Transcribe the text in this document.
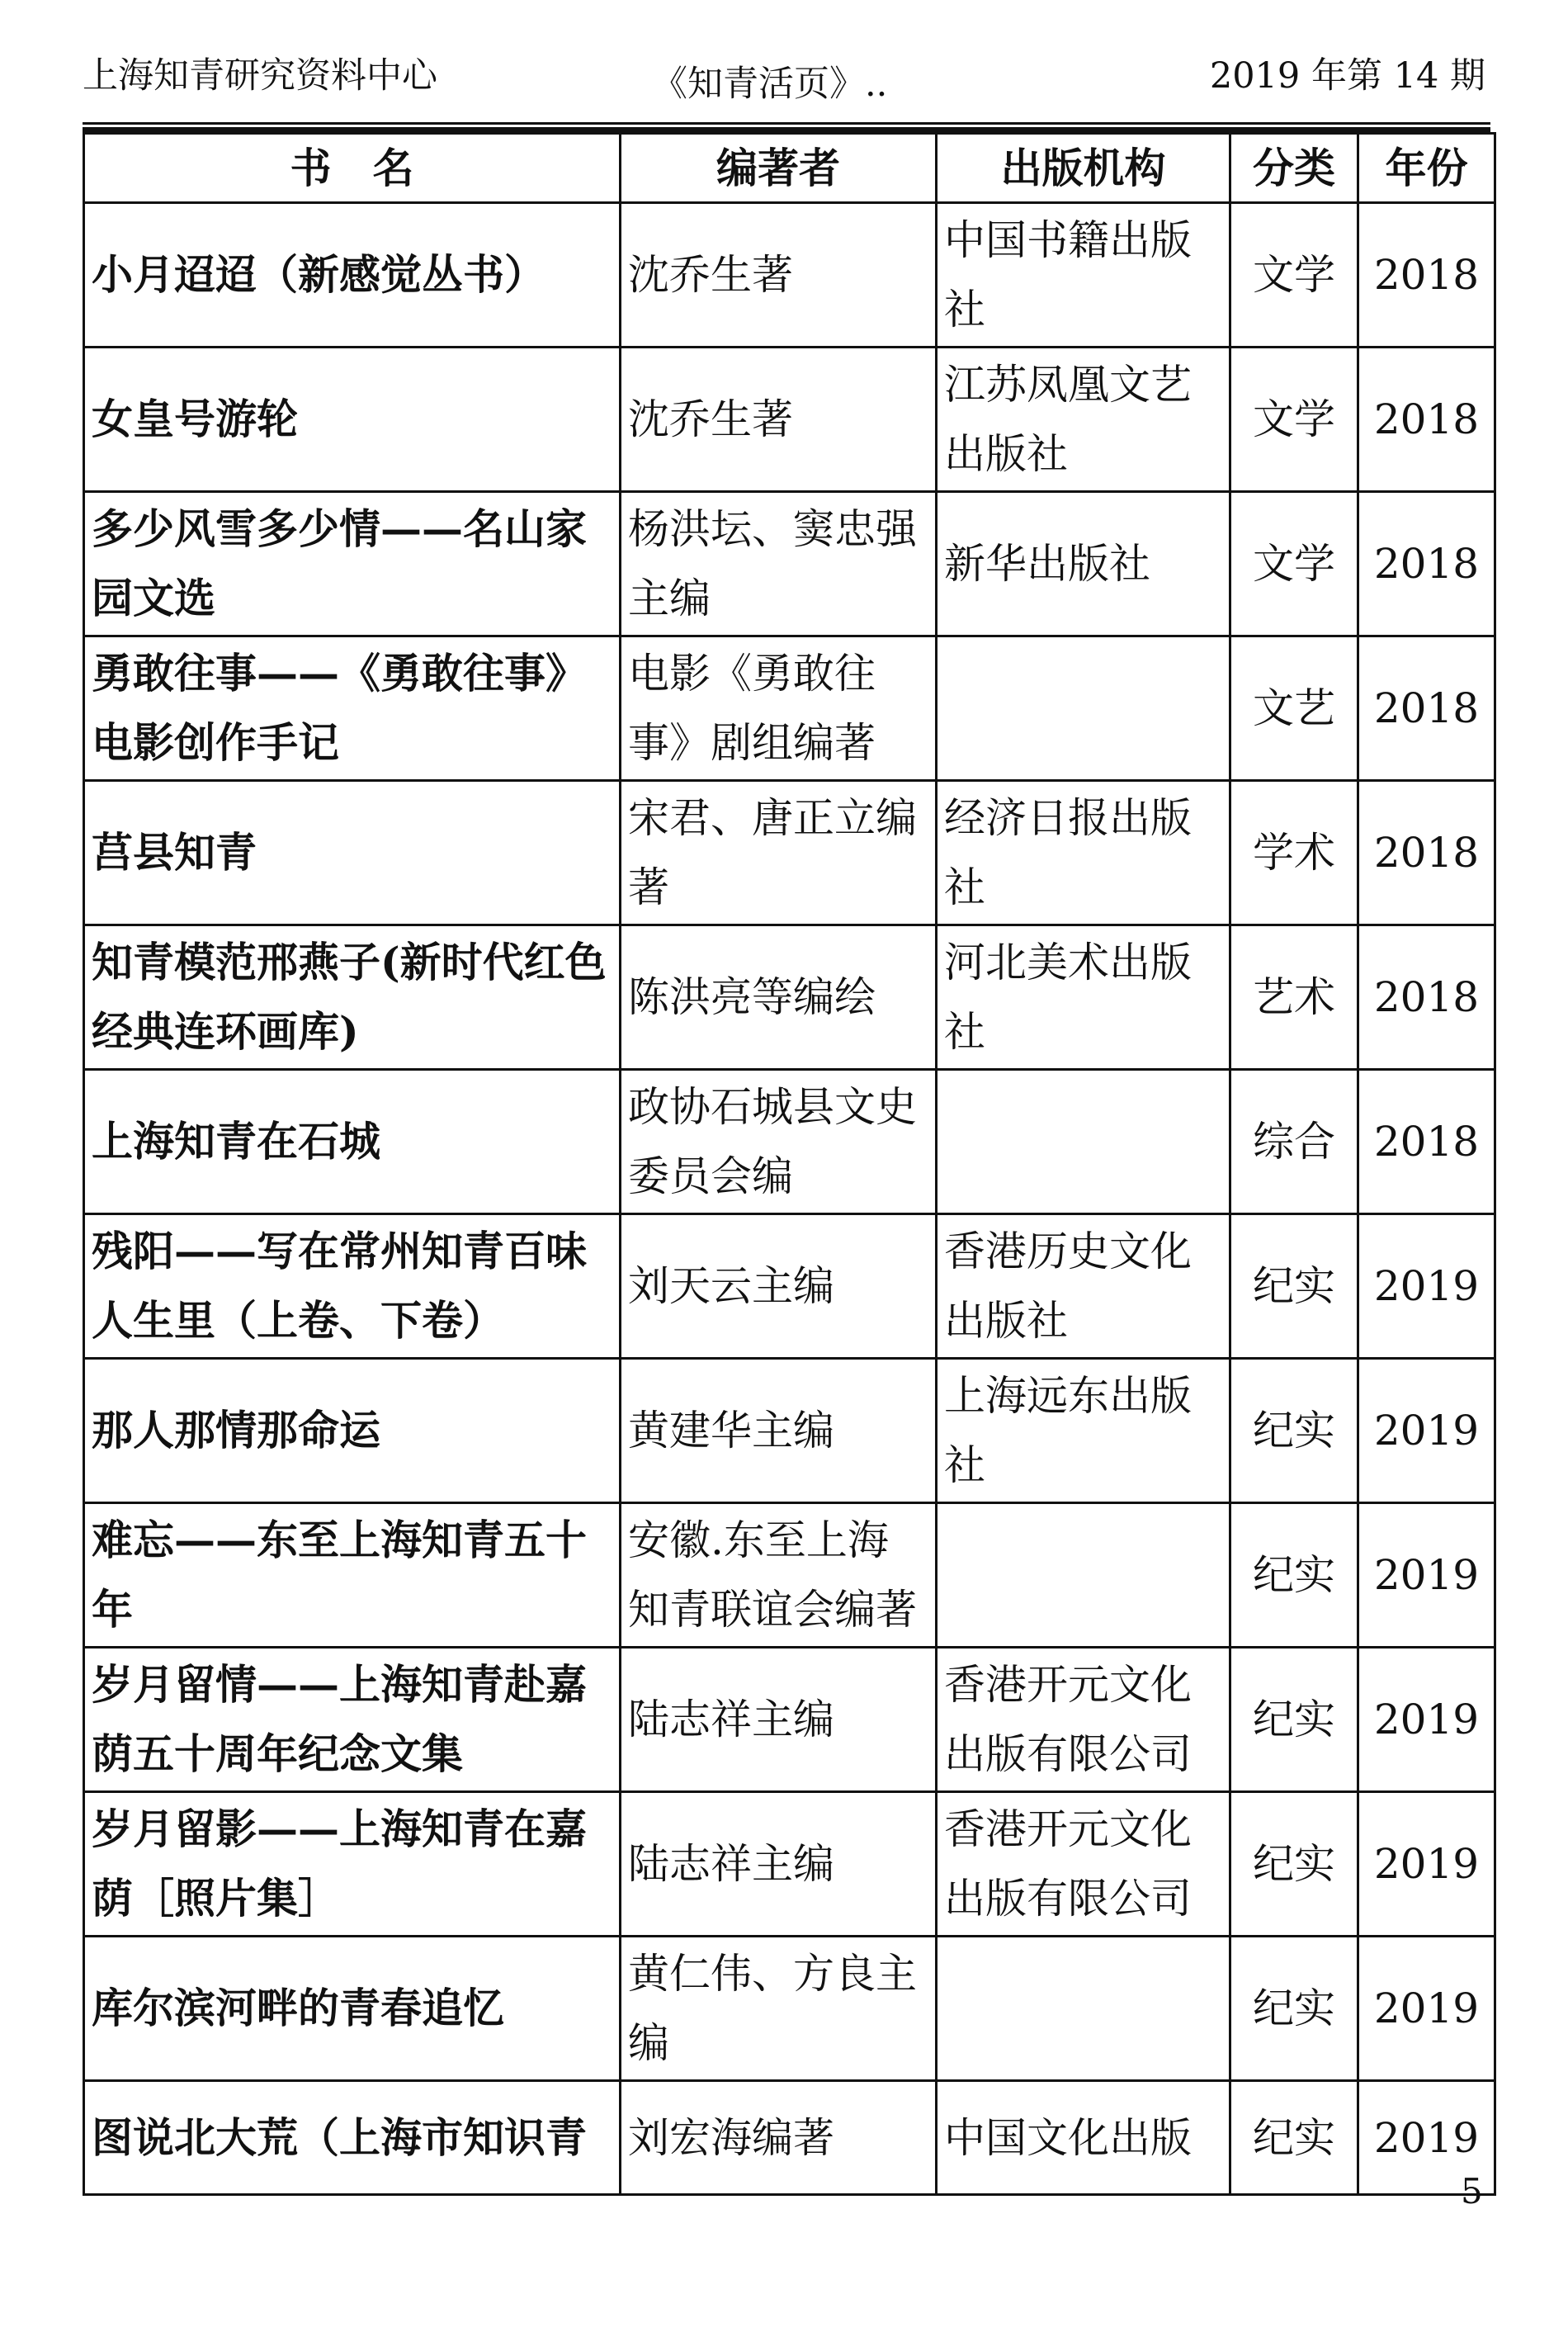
上海知青研究资料中心	《知青活页》..	2019 年第 14 期
书　名	编著者	出版机构	分类	年份
小月迢迢（新感觉丛书）	沈乔生著	中国书籍出版社	文学	2018
女皇号游轮	沈乔生著	江苏凤凰文艺出版社	文学	2018
多少风雪多少情——名山家园文选	杨洪坛、窦忠强主编	新华出版社	文学	2018
勇敢往事——《勇敢往事》电影创作手记	电影《勇敢往事》剧组编著		文艺	2018
莒县知青	宋君、唐正立编著	经济日报出版社	学术	2018
知青模范邢燕子(新时代红色经典连环画库)	陈洪亮等编绘	河北美术出版社	艺术	2018
上海知青在石城	政协石城县文史委员会编		综合	2018
残阳——写在常州知青百味人生里（上卷、下卷）	刘天云主编	香港历史文化出版社	纪实	2019
那人那情那命运	黄建华主编	上海远东出版社	纪实	2019
难忘——东至上海知青五十年	安徽.东至上海知青联谊会编著		纪实	2019
岁月留情——上海知青赴嘉荫五十周年纪念文集	陆志祥主编	香港开元文化出版有限公司	纪实	2019
岁月留影——上海知青在嘉荫［照片集］	陆志祥主编	香港开元文化出版有限公司	纪实	2019
库尔滨河畔的青春追忆	黄仁伟、方良主编		纪实	2019
图说北大荒（上海市知识青	刘宏海编著	中国文化出版	纪实	2019
5
